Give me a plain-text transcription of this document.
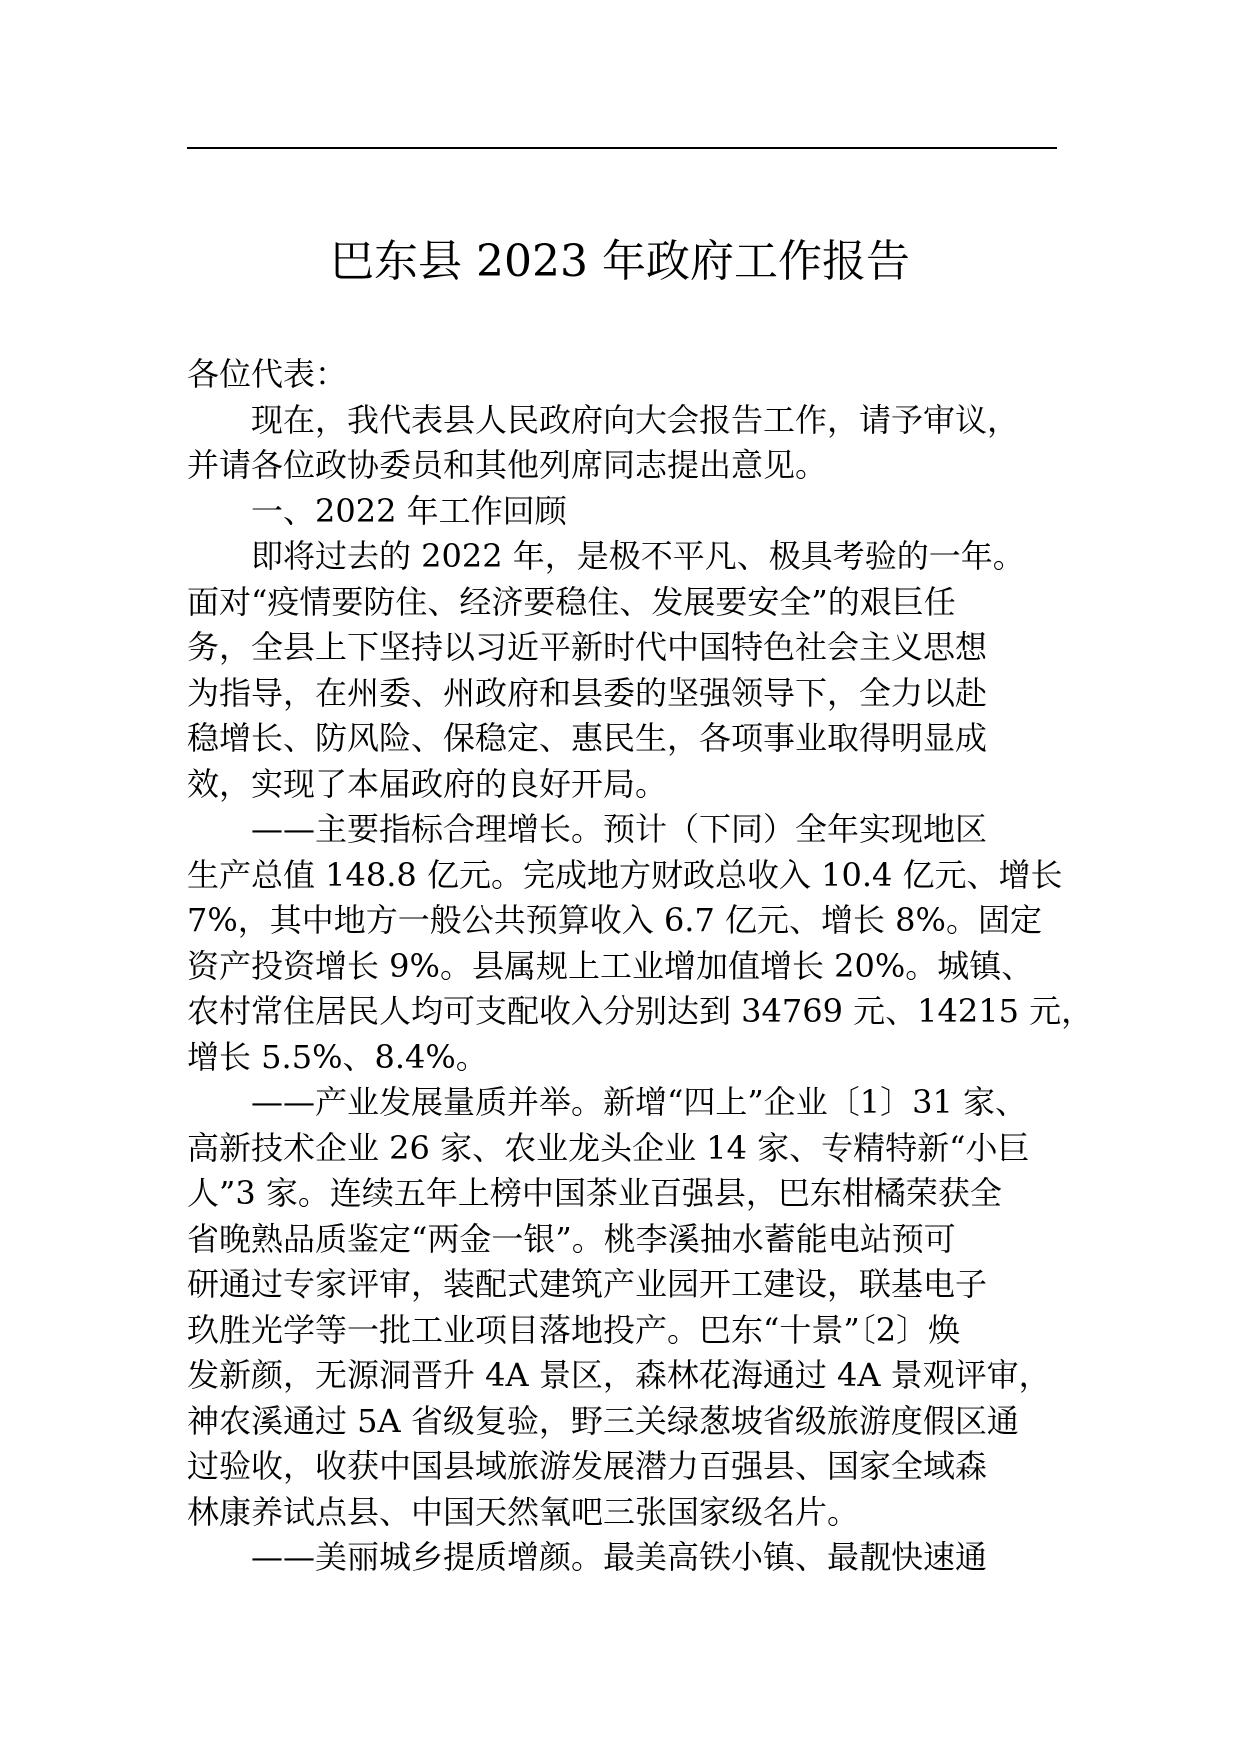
巴东县 2023 年政府工作报告

各位代表：

现在，我代表县人民政府向大会报告工作，请予审议，

并请各位政协委员和其他列席同志提出意见。

一、2022 年工作回顾

即将过去的 2022 年，是极不平凡、极具考验的一年。

面对“疫情要防住、经济要稳住、发展要安全”的艰巨任

务，全县上下坚持以习近平新时代中国特色社会主义思想

为指导，在州委、州政府和县委的坚强领导下，全力以赴

稳增长、防风险、保稳定、惠民生，各项事业取得明显成

效，实现了本届政府的良好开局。

——主要指标合理增长。预计（下同）全年实现地区

生产总值 148.8 亿元。完成地方财政总收入 10.4 亿元、增长

7%，其中地方一般公共预算收入 6.7 亿元、增长 8%。固定

资产投资增长 9%。县属规上工业增加值增长 20%。城镇、

农村常住居民人均可支配收入分别达到 34769 元、14215 元，

增长 5.5%、8.4%。

——产业发展量质并举。新增“四上”企业〔1〕31 家、

高新技术企业 26 家、农业龙头企业 14 家、专精特新“小巨

人”3 家。连续五年上榜中国茶业百强县，巴东柑橘荣获全

省晚熟品质鉴定“两金一银”。桃李溪抽水蓄能电站预可

研通过专家评审，装配式建筑产业园开工建设，联基电子

玖胜光学等一批工业项目落地投产。巴东“十景”〔2〕焕

发新颜，无源洞晋升 4A 景区，森林花海通过 4A 景观评审，

神农溪通过 5A 省级复验，野三关绿葱坡省级旅游度假区通

过验收，收获中国县域旅游发展潜力百强县、国家全域森

林康养试点县、中国天然氧吧三张国家级名片。

——美丽城乡提质增颜。最美高铁小镇、最靓快速通
